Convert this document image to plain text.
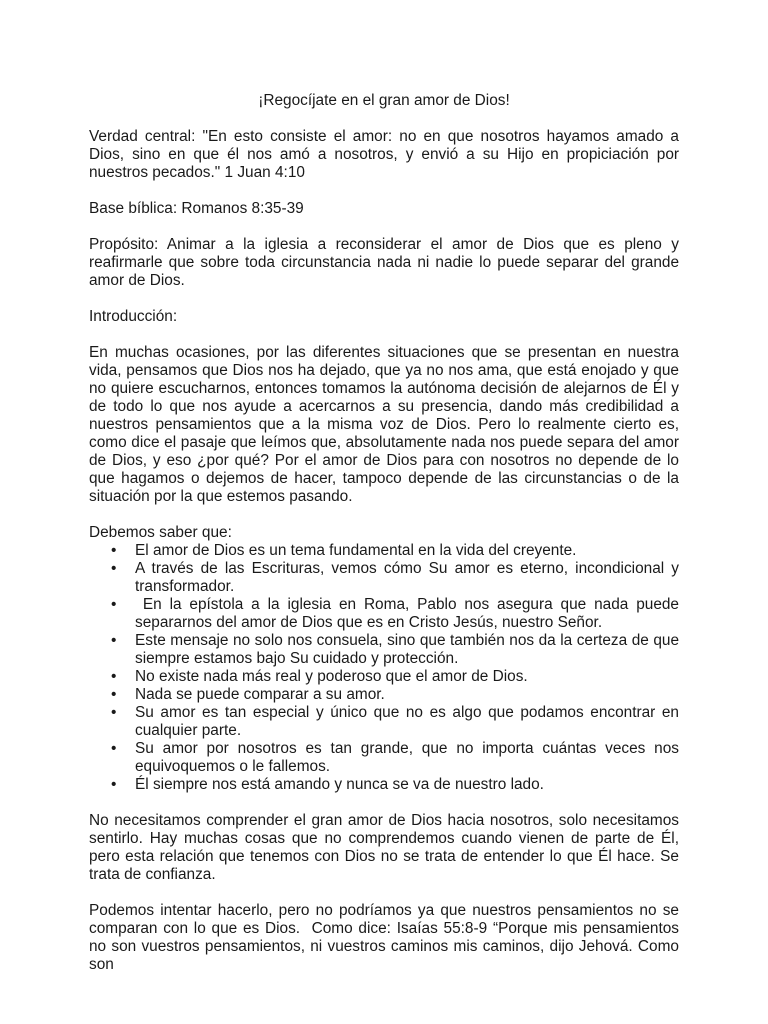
¡Regocíjate en el gran amor de Dios!

Verdad central: "En esto consiste el amor: no en que nosotros hayamos amado a Dios, sino en que él nos amó a nosotros, y envió a su Hijo en propiciación por nuestros pecados." 1 Juan 4:10

Base bíblica: Romanos 8:35-39

Propósito: Animar a la iglesia a reconsiderar el amor de Dios que es pleno y reafirmarle que sobre toda circunstancia nada ni nadie lo puede separar del grande amor de Dios.

Introducción:

En muchas ocasiones, por las diferentes situaciones que se presentan en nuestra vida, pensamos que Dios nos ha dejado, que ya no nos ama, que está enojado y que no quiere escucharnos, entonces tomamos la autónoma decisión de alejarnos de Él y de todo lo que nos ayude a acercarnos a su presencia, dando más credibilidad a nuestros pensamientos que a la misma voz de Dios. Pero lo realmente cierto es, como dice el pasaje que leímos que, absolutamente nada nos puede separa del amor de Dios, y eso ¿por qué? Por el amor de Dios para con nosotros no depende de lo que hagamos o dejemos de hacer, tampoco depende de las circunstancias o de la situación por la que estemos pasando.

Debemos saber que:

• El amor de Dios es un tema fundamental en la vida del creyente.
• A través de las Escrituras, vemos cómo Su amor es eterno, incondicional y transformador.
• En la epístola a la iglesia en Roma, Pablo nos asegura que nada puede separarnos del amor de Dios que es en Cristo Jesús, nuestro Señor.
• Este mensaje no solo nos consuela, sino que también nos da la certeza de que siempre estamos bajo Su cuidado y protección.
• No existe nada más real y poderoso que el amor de Dios.
• Nada se puede comparar a su amor.
• Su amor es tan especial y único que no es algo que podamos encontrar en cualquier parte.
• Su amor por nosotros es tan grande, que no importa cuántas veces nos equivoquemos o le fallemos.
• Él siempre nos está amando y nunca se va de nuestro lado.

No necesitamos comprender el gran amor de Dios hacia nosotros, solo necesitamos sentirlo. Hay muchas cosas que no comprendemos cuando vienen de parte de Él, pero esta relación que tenemos con Dios no se trata de entender lo que Él hace. Se trata de confianza.

Podemos intentar hacerlo, pero no podríamos ya que nuestros pensamientos no se comparan con lo que es Dios.  Como dice: Isaías 55:8-9 “Porque mis pensamientos no son vuestros pensamientos, ni vuestros caminos mis caminos, dijo Jehová. Como son
